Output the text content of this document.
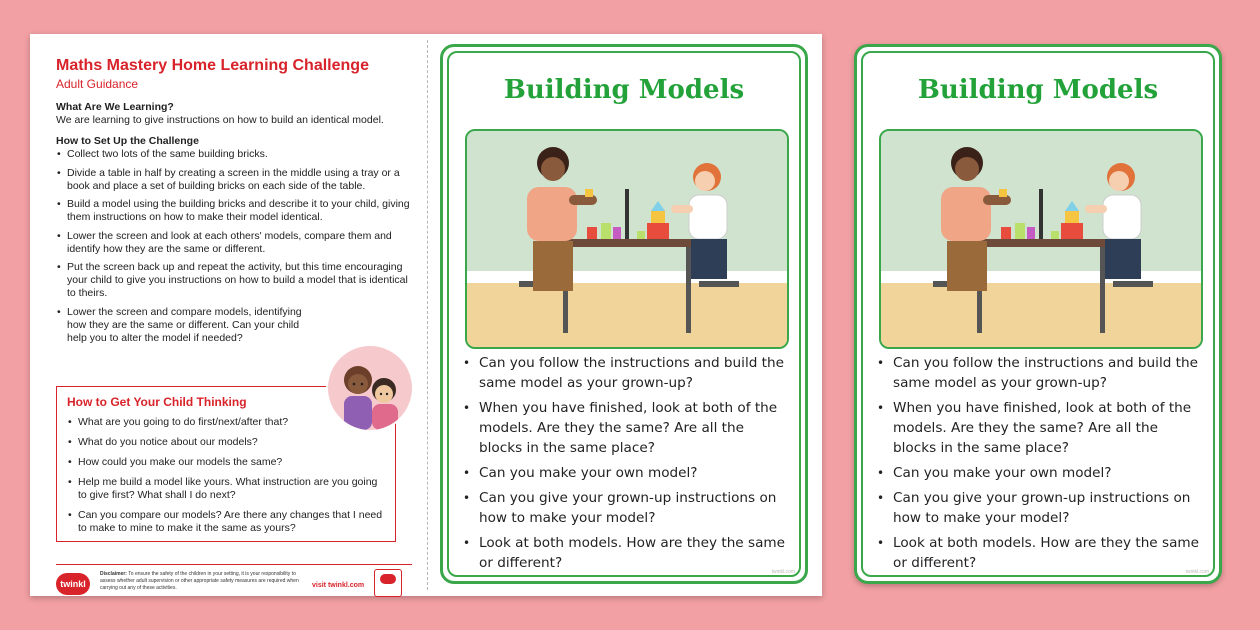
Maths Mastery Home Learning Challenge
Adult Guidance
What Are We Learning?

We are learning to give instructions on how to build an identical model.

How to Set Up the Challenge
• Collect two lots of the same building bricks.
• Divide a table in half by creating a screen in the middle using a tray or a book and place a set of building bricks on each side of the table.
• Build a model using the building bricks and describe it to your child, giving them instructions on how to make their model identical.
• Lower the screen and look at each others' models, compare them and identify how they are the same or different.
• Put the screen back up and repeat the activity, but this time encouraging your child to give you instructions on how to build a model that is identical to theirs.
• Lower the screen and compare models, identifying how they are the same or different. Can your child help you to alter the model if needed?
How to Get Your Child Thinking
• What are you going to do first/next/after that?
• What do you notice about our models?
• How could you make our models the same?
• Help me build a model like yours. What instruction are you going to give first? What shall I do next?
• Can you compare our models? Are there any changes that I need to make to mine to make it the same as yours?
twinkl
Disclaimer: To ensure the safety of the children in your setting, it is your responsibility to assess whether adult supervision or other appropriate safety measures are required when carrying out any of these activities.	visit twinkl.com
Building Models
• Can you follow the instructions and build the same model as your grown-up?
• When you have finished, look at both of the models. Are they the same? Are all the blocks in the same place?
• Can you make your own model?
• Can you give your grown-up instructions on how to make your model?
• Look at both models. How are they the same or different?
twinkl.com
Building Models
• Can you follow the instructions and build the same model as your grown-up?
• When you have finished, look at both of the models. Are they the same? Are all the blocks in the same place?
• Can you make your own model?
• Can you give your grown-up instructions on how to make your model?
• Look at both models. How are they the same or different?
twinkl.com
